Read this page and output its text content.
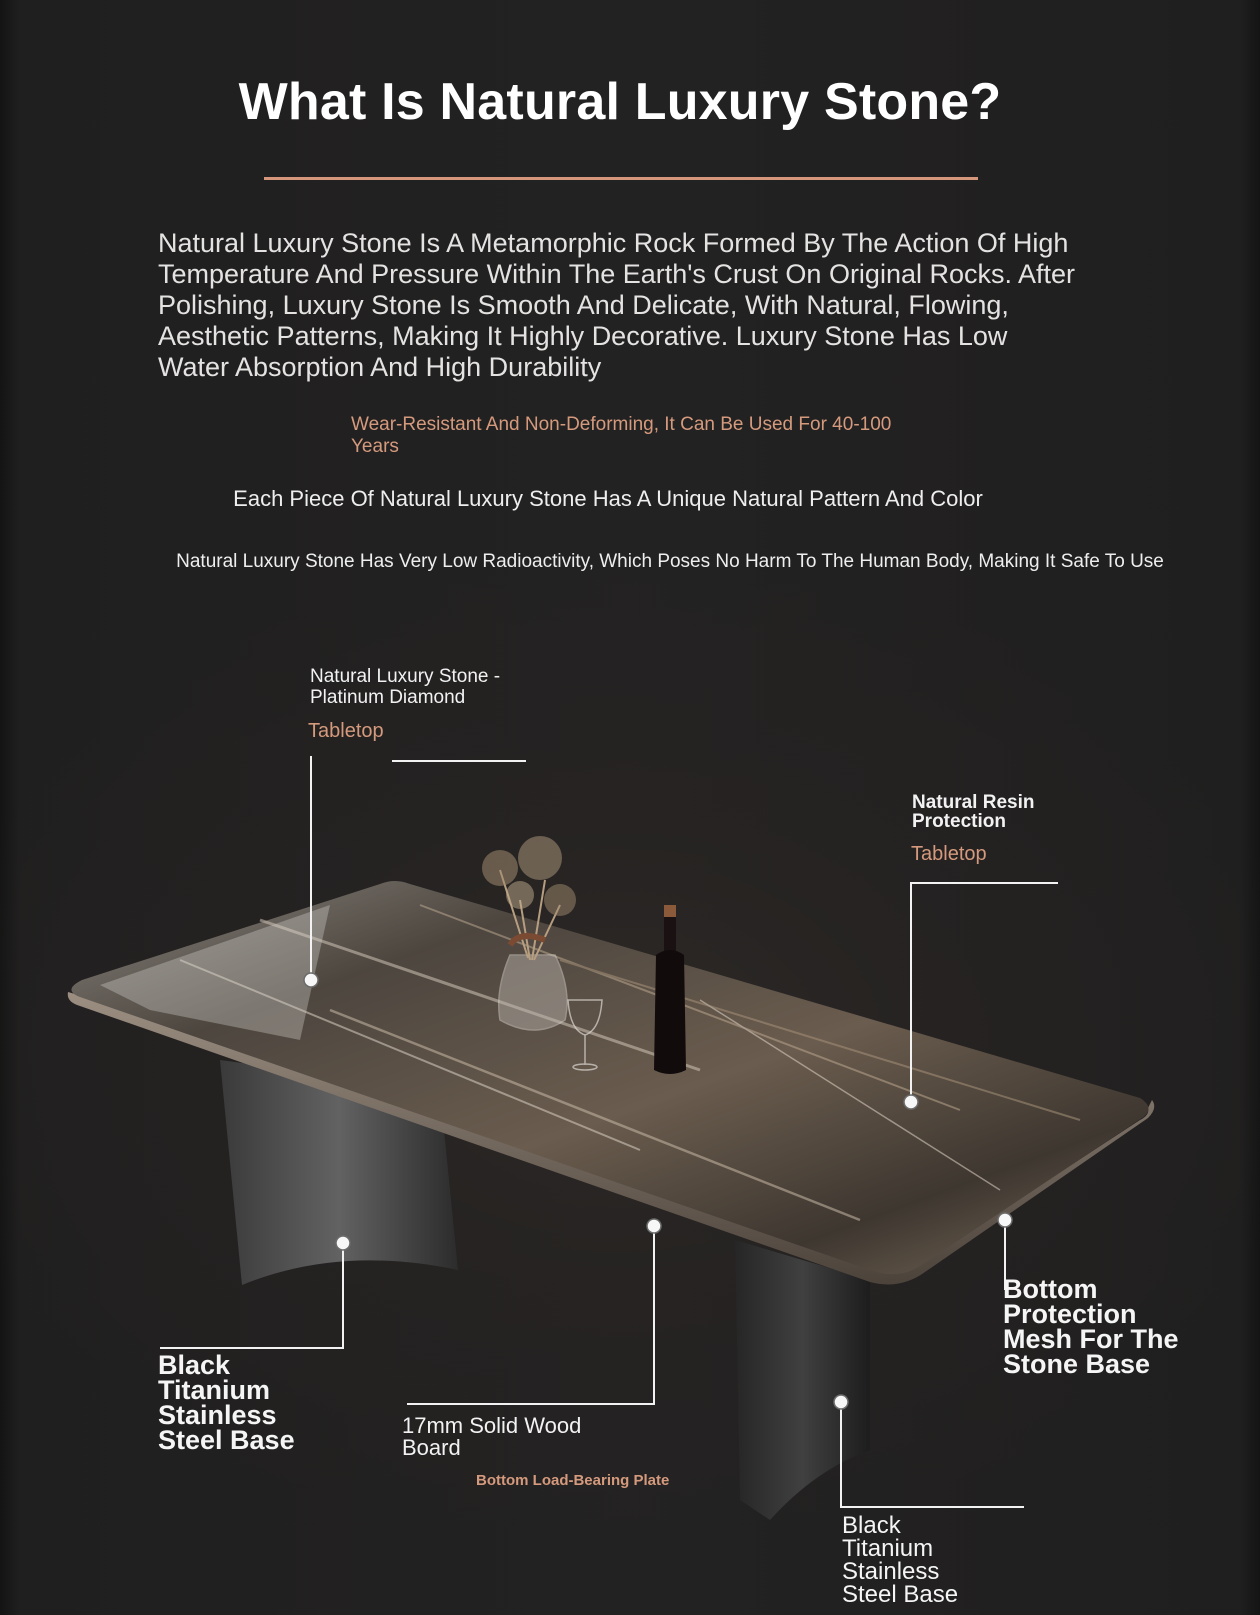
What Is Natural Luxury Stone?
Natural Luxury Stone Is A Metamorphic Rock Formed By The Action Of High Temperature And Pressure Within The Earth's Crust On Original Rocks. After Polishing, Luxury Stone Is Smooth And Delicate, With Natural, Flowing, Aesthetic Patterns, Making It Highly Decorative. Luxury Stone Has Low Water Absorption And High Durability
Wear-Resistant And Non-Deforming, It Can Be Used For 40-100 Years
Each Piece Of Natural Luxury Stone Has A Unique Natural Pattern And Color
Natural Luxury Stone Has Very Low Radioactivity, Which Poses No Harm To The Human Body, Making It Safe To Use
Natural Luxury Stone - Platinum Diamond
Tabletop
Natural Resin Protection
Tabletop
Black Titanium Stainless Steel Base	17mm Solid Wood Board
Bottom Load-Bearing Plate
Bottom Protection Mesh For The Stone Base
Black Titanium Stainless Steel Base
